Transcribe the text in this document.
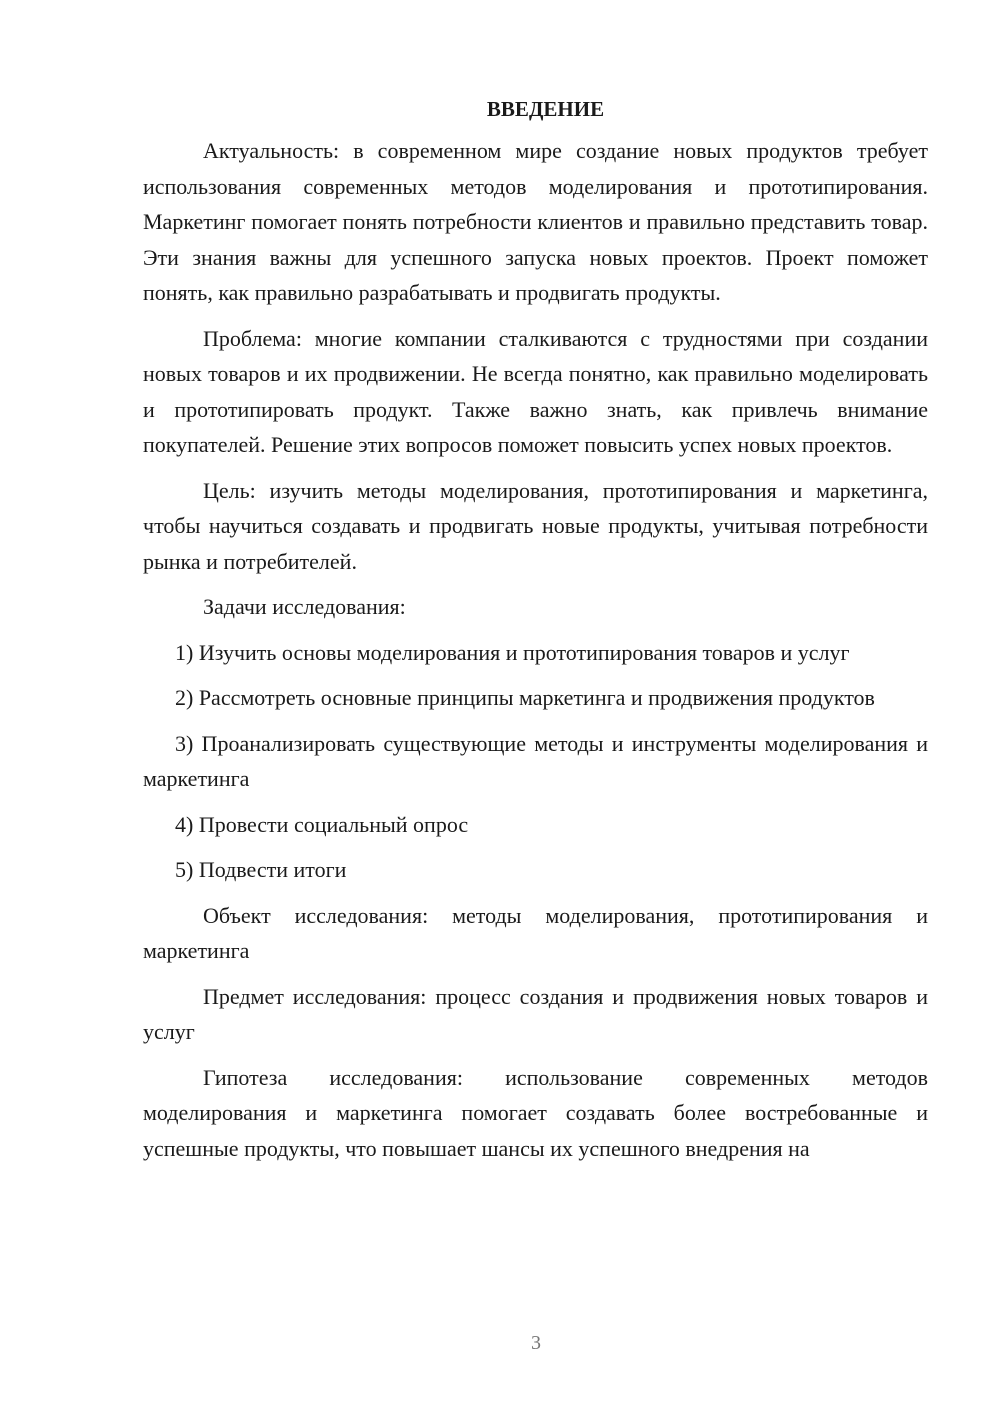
ВВЕДЕНИЕ

Актуальность: в современном мире создание новых продуктов требует использования современных методов моделирования и прототипирования. Маркетинг помогает понять потребности клиентов и правильно представить товар. Эти знания важны для успешного запуска новых проектов. Проект поможет понять, как правильно разрабатывать и продвигать продукты.

Проблема: многие компании сталкиваются с трудностями при создании новых товаров и их продвижении. Не всегда понятно, как правильно моделировать и прототипировать продукт. Также важно знать, как привлечь внимание покупателей. Решение этих вопросов поможет повысить успех новых проектов.

Цель: изучить методы моделирования, прототипирования и маркетинга, чтобы научиться создавать и продвигать новые продукты, учитывая потребности рынка и потребителей.

Задачи исследования:

1) Изучить основы моделирования и прототипирования товаров и услуг

2) Рассмотреть основные принципы маркетинга и продвижения продуктов

3) Проанализировать существующие методы и инструменты моделирования и маркетинга

4) Провести социальный опрос

5) Подвести итоги

Объект исследования: методы моделирования, прототипирования и маркетинга

Предмет исследования: процесс создания и продвижения новых товаров и услуг

Гипотеза исследования: использование современных методов моделирования и маркетинга помогает создавать более востребованные и успешные продукты, что повышает шансы их успешного внедрения на

3
